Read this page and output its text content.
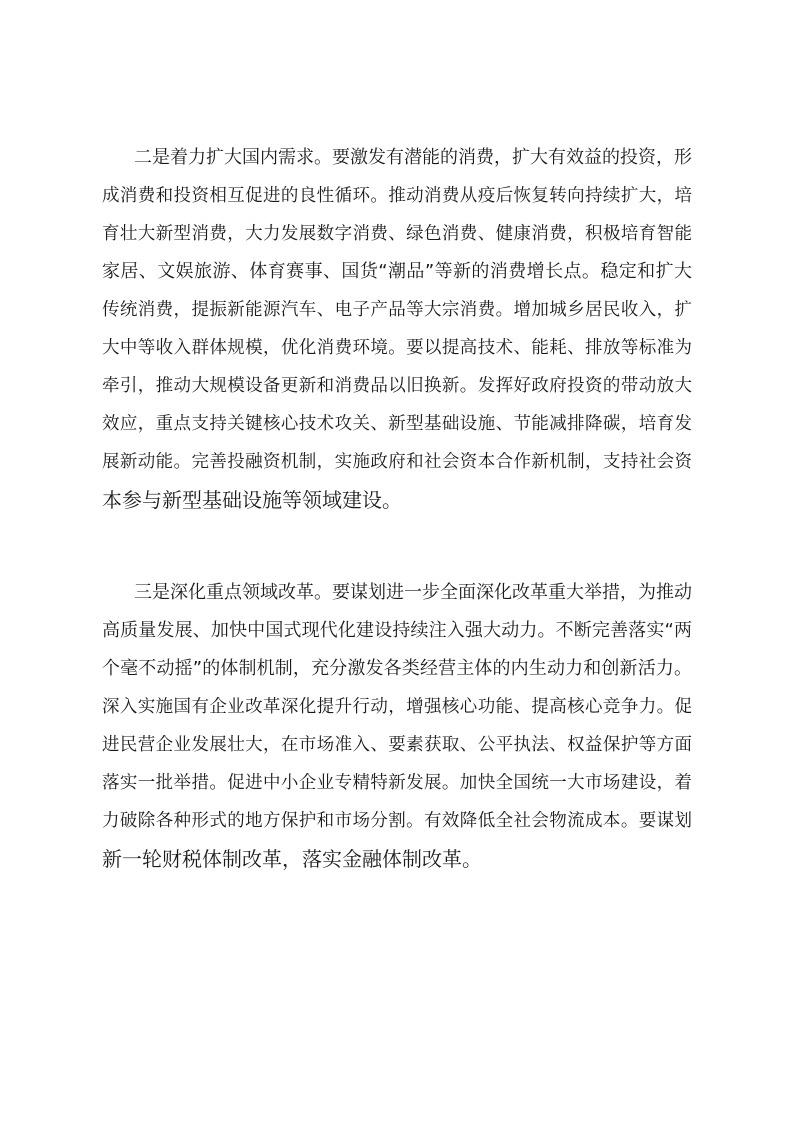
二是着力扩大国内需求。要激发有潜能的消费，扩大有效益的投资，形
成消费和投资相互促进的良性循环。推动消费从疫后恢复转向持续扩大，培
育壮大新型消费，大力发展数字消费、绿色消费、健康消费，积极培育智能
家居、文娱旅游、体育赛事、国货“潮品”等新的消费增长点。稳定和扩大
传统消费，提振新能源汽车、电子产品等大宗消费。增加城乡居民收入，扩
大中等收入群体规模，优化消费环境。要以提高技术、能耗、排放等标准为
牵引，推动大规模设备更新和消费品以旧换新。发挥好政府投资的带动放大
效应，重点支持关键核心技术攻关、新型基础设施、节能减排降碳，培育发
展新动能。完善投融资机制，实施政府和社会资本合作新机制，支持社会资
本参与新型基础设施等领域建设。
三是深化重点领域改革。要谋划进一步全面深化改革重大举措，为推动
高质量发展、加快中国式现代化建设持续注入强大动力。不断完善落实“两
个毫不动摇”的体制机制，充分激发各类经营主体的内生动力和创新活力。
深入实施国有企业改革深化提升行动，增强核心功能、提高核心竞争力。促
进民营企业发展壮大，在市场准入、要素获取、公平执法、权益保护等方面
落实一批举措。促进中小企业专精特新发展。加快全国统一大市场建设，着
力破除各种形式的地方保护和市场分割。有效降低全社会物流成本。要谋划
新一轮财税体制改革，落实金融体制改革。
